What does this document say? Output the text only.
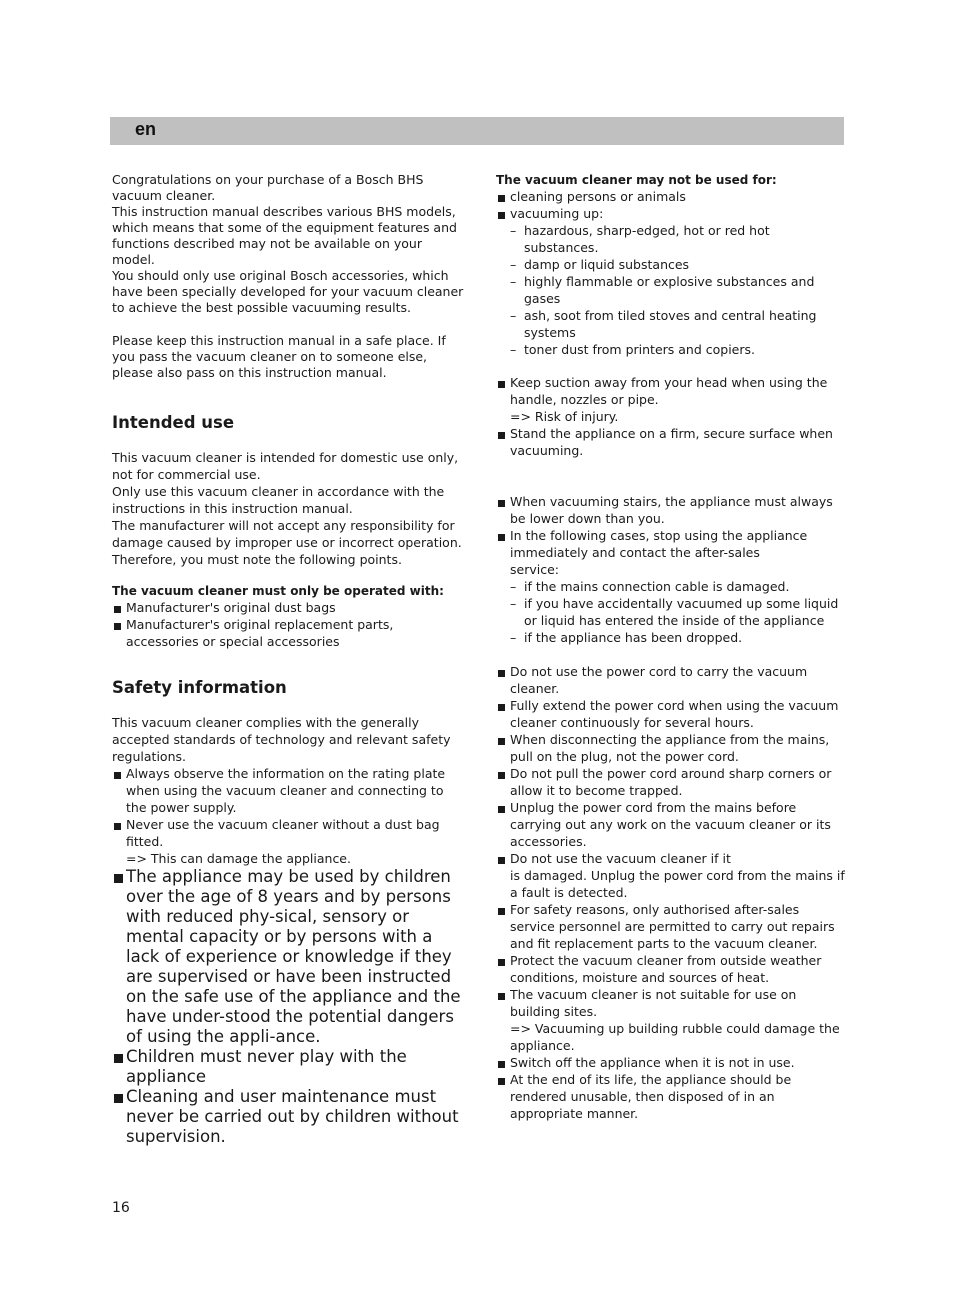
en

Congratulations on your purchase of a Bosch BHS vacuum cleaner.

This instruction manual describes various BHS models, which means that some of the equipment features and functions described may not be available on your model.

You should only use original Bosch accessories, which have been specially developed for your vacuum cleaner to achieve the best possible vacuuming results.

Please keep this instruction manual in a safe place. If you pass the vacuum cleaner on to someone else, please also pass on this instruction manual.

Intended use

This vacuum cleaner is intended for domestic use only, not for commercial use.

Only use this vacuum cleaner in accordance with the instructions in this instruction manual.

The manufacturer will not accept any responsibility for damage caused by improper use or incorrect operation. Therefore, you must note the following points.

The vacuum cleaner must only be operated with:

Manufacturer's original dust bags

Manufacturer's original replacement parts, accessories or special accessories

Safety information

This vacuum cleaner complies with the generally accepted standards of technology and relevant safety regulations.

Always observe the information on the rating plate when using the vacuum cleaner and connecting to the power supply.

Never use the vacuum cleaner without a dust bag fitted.

=> This can damage the appliance.

The appliance may be used by children over the age of 8 years and by persons with reduced phy-sical, sensory or mental capacity or by persons with a lack of experience or knowledge if they are supervised or have been instructed on the safe use of the appliance and the have under-stood the potential dangers of using the appli-ance.

Children must never play with the appliance

Cleaning and user maintenance must never be carried out by children without supervision.

The vacuum cleaner may not be used for:

cleaning persons or animals

vacuuming up:

– hazardous, sharp-edged, hot or red hot substances.

– damp or liquid substances

– highly flammable or explosive substances and gases

– ash, soot from tiled stoves and central heating systems

– toner dust from printers and copiers.

Keep suction away from your head when using the handle, nozzles or pipe.

=> Risk of injury.

Stand the appliance on a firm, secure surface when vacuuming.

When vacuuming stairs, the appliance must always be lower down than you.

In the following cases, stop using the appliance immediately and contact the after-sales

service:

– if the mains connection cable is damaged.

– if you have accidentally vacuumed up some liquid or liquid has entered the inside of the appliance

– if the appliance has been dropped.

Do not use the power cord to carry the vacuum cleaner.

Fully extend the power cord when using the vacuum cleaner continuously for several hours.

When disconnecting the appliance from the mains, pull on the plug, not the power cord.

Do not pull the power cord around sharp corners or allow it to become trapped.

Unplug the power cord from the mains before carrying out any work on the vacuum cleaner or its accessories.

Do not use the vacuum cleaner if it

is damaged. Unplug the power cord from the mains if a fault is detected.

For safety reasons, only authorised after-sales service personnel are permitted to carry out repairs and fit replacement parts to the vacuum cleaner.

Protect the vacuum cleaner from outside weather conditions, moisture and sources of heat.

The vacuum cleaner is not suitable for use on building sites.

=> Vacuuming up building rubble could damage the appliance.

Switch off the appliance when it is not in use.

At the end of its life, the appliance should be rendered unusable, then disposed of in an appropriate manner.

16
